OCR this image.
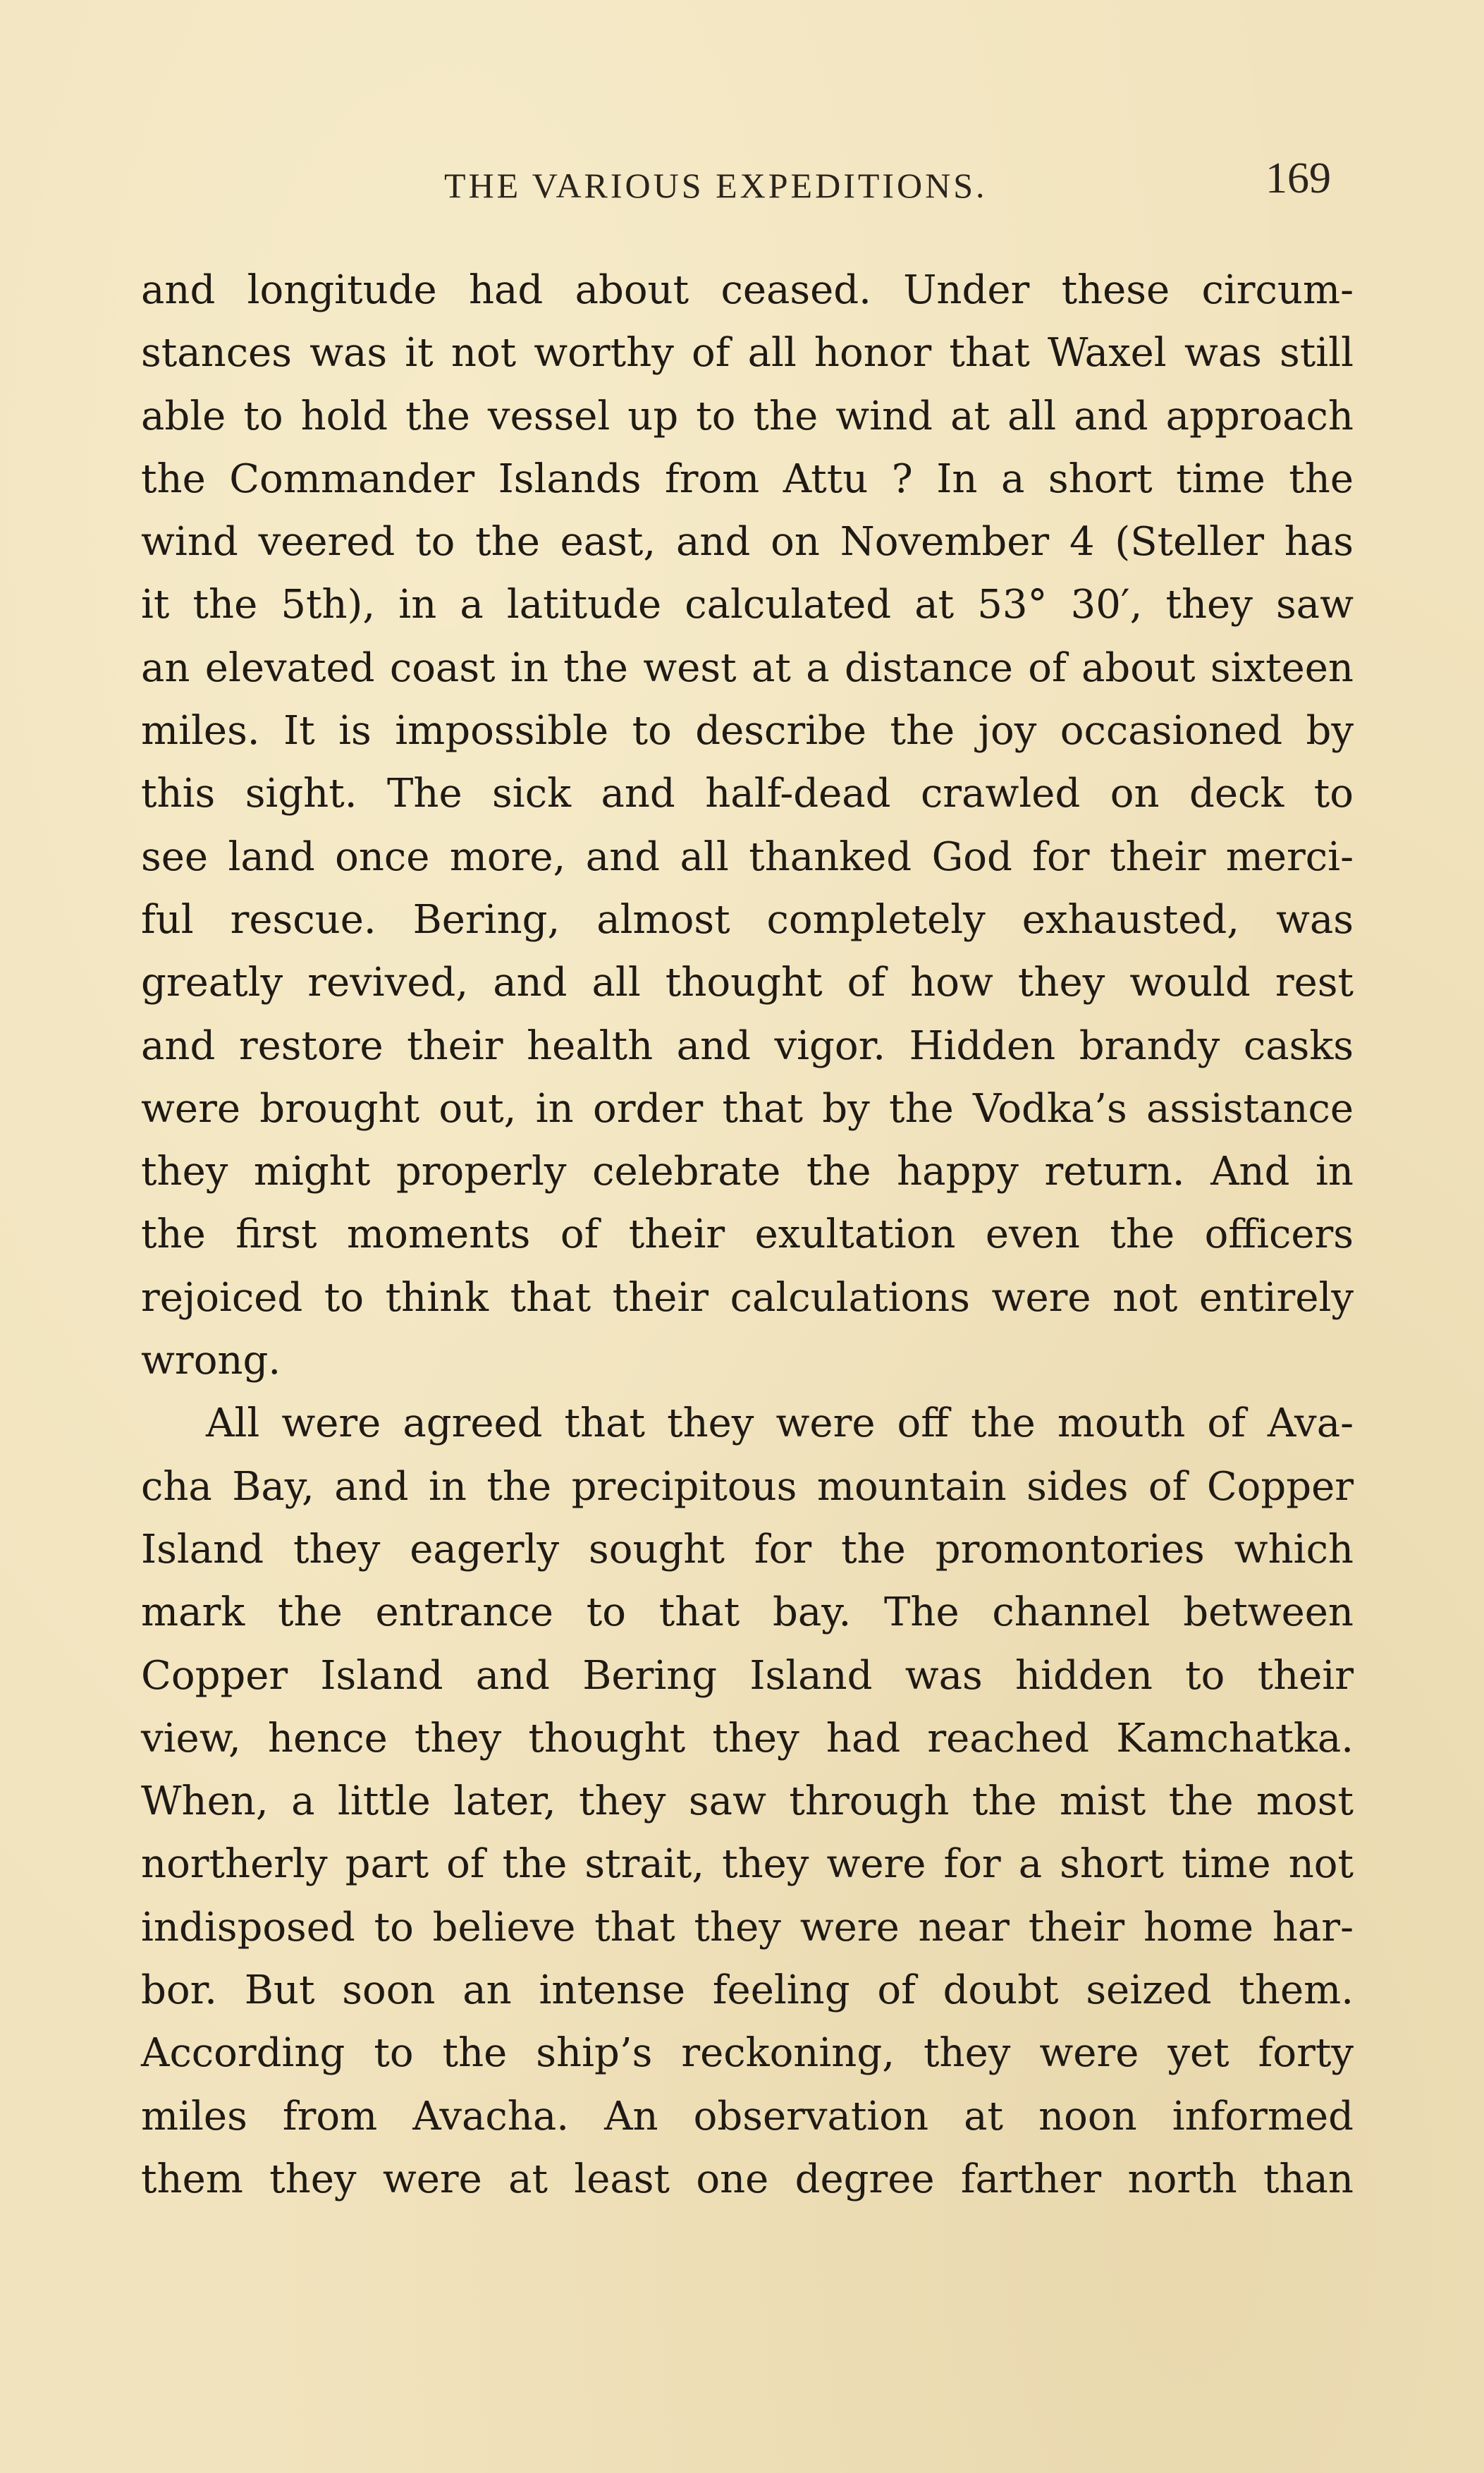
THE VARIOUS EXPEDITIONS.	169
and longitude had about ceased. Under these circum-
stances was it not worthy of all honor that Waxel was still
able to hold the vessel up to the wind at all and approach
the Commander Islands from Attu ? In a short time the
wind veered to the east, and on November 4 (Steller has
it the 5th), in a latitude calculated at 53° 30′, they saw
an elevated coast in the west at a distance of about sixteen
miles. It is impossible to describe the joy occasioned by
this sight. The sick and half-dead crawled on deck to
see land once more, and all thanked God for their merci-
ful rescue. Bering, almost completely exhausted, was
greatly revived, and all thought of how they would rest
and restore their health and vigor. Hidden brandy casks
were brought out, in order that by the Vodka’s assistance
they might properly celebrate the happy return. And in
the first moments of their exultation even the officers
rejoiced to think that their calculations were not entirely
wrong.
All were agreed that they were off the mouth of Ava-
cha Bay, and in the precipitous mountain sides of Copper
Island they eagerly sought for the promontories which
mark the entrance to that bay. The channel between
Copper Island and Bering Island was hidden to their
view, hence they thought they had reached Kamchatka.
When, a little later, they saw through the mist the most
northerly part of the strait, they were for a short time not
indisposed to believe that they were near their home har-
bor. But soon an intense feeling of doubt seized them.
According to the ship’s reckoning, they were yet forty
miles from Avacha. An observation at noon informed
them they were at least one degree farther north than
